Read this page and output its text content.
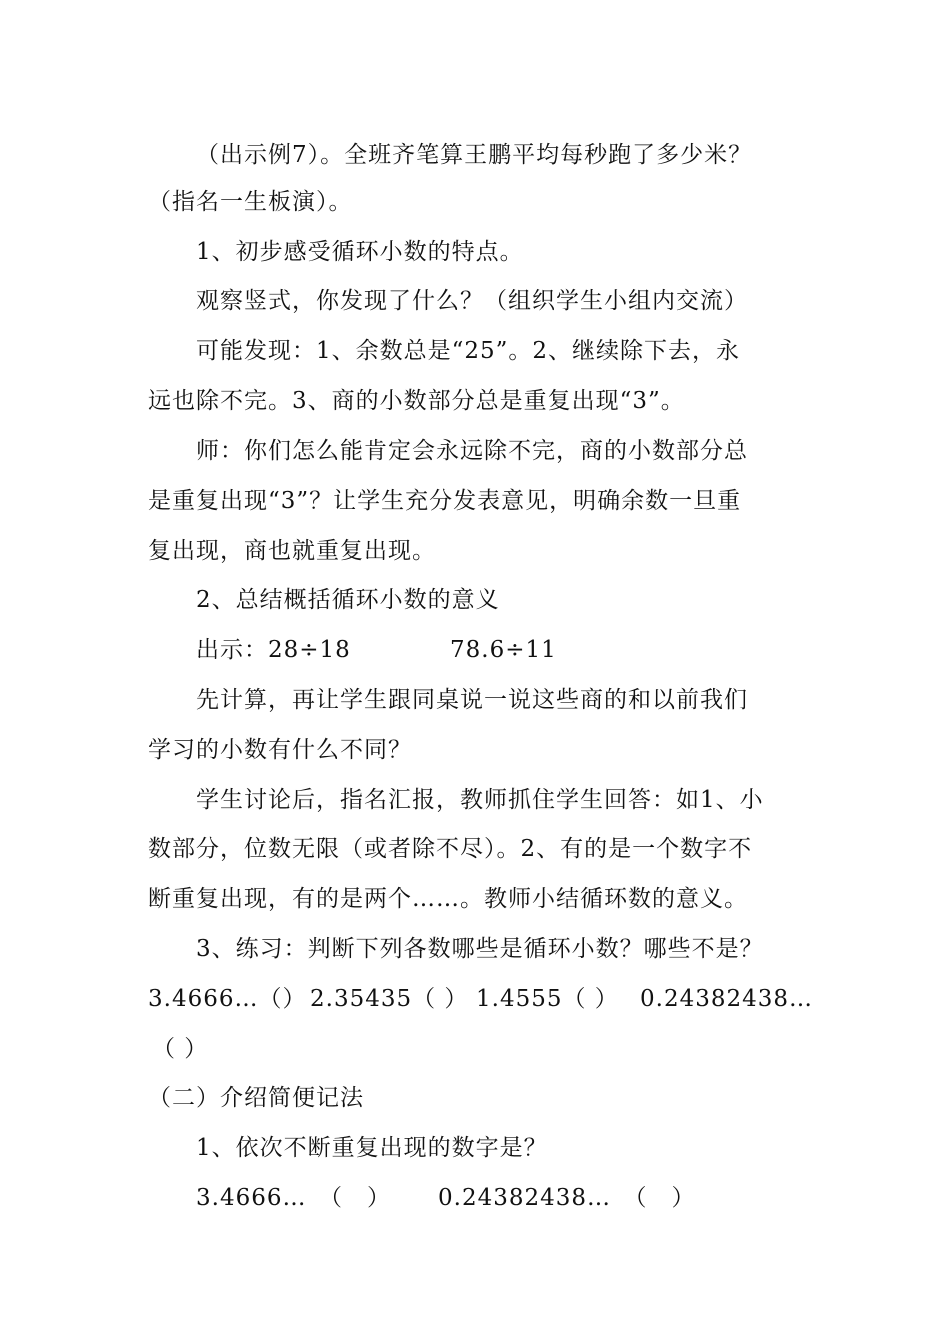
（出示例7）。全班齐笔算王鹏平均每秒跑了多少米？
（指名一生板演）。
1、初步感受循环小数的特点。
观察竖式，你发现了什么？（组织学生小组内交流）
可能发现：1、余数总是“25”。2、继续除下去，永
远也除不完。3、商的小数部分总是重复出现“3”。
师：你们怎么能肯定会永远除不完，商的小数部分总
是重复出现“3”？让学生充分发表意见，明确余数一旦重
复出现，商也就重复出现。
2、总结概括循环小数的意义
出示：28÷18	78.6÷11
先计算，再让学生跟同桌说一说这些商的和以前我们
学习的小数有什么不同？
学生讨论后，指名汇报，教师抓住学生回答：如1、小
数部分，位数无限（或者除不尽）。2、有的是一个数字不
断重复出现，有的是两个……。教师小结循环数的意义。
3、练习：判断下列各数哪些是循环小数？哪些不是？
3.4666…（） 2.35435（ ） 1.4555（ ） 0.24382438…
（ ）
（二）介绍简便记法
1、依次不断重复出现的数字是？
3.4666…　（　） 0.24382438…　（　）
